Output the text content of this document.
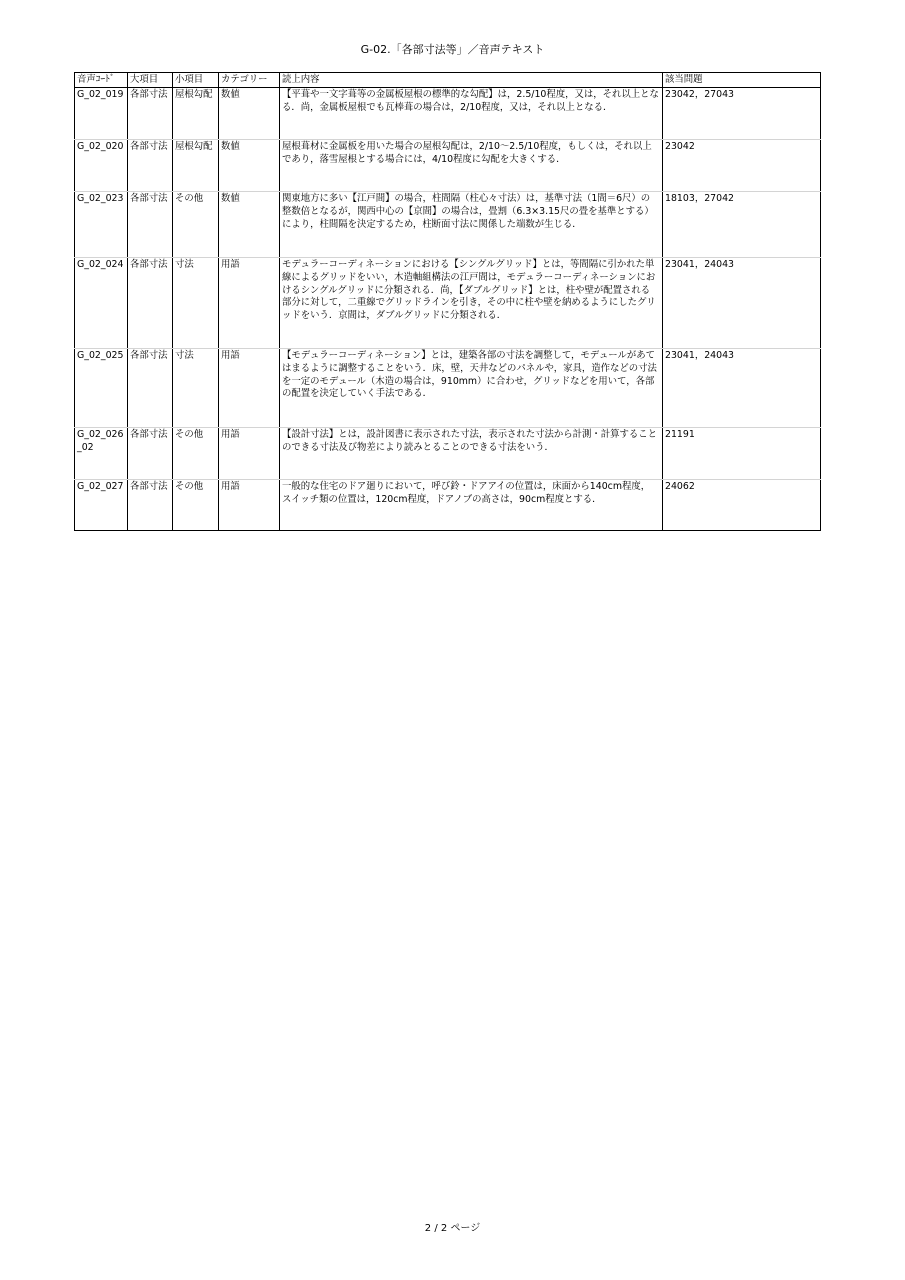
G-02.「各部寸法等」／音声テキスト
音声ｺｰﾄﾞ	大項目	小項目	カテゴリー	読上内容	該当問題
G_02_019	各部寸法	屋根勾配	数値	【平葺や一文字葺等の金属板屋根の標準的な勾配】は，2.5/10程度，又は，それ以上となる．尚，金属板屋根でも瓦棒葺の場合は，2/10程度，又は，それ以上となる．	23042，27043
G_02_020	各部寸法	屋根勾配	数値	屋根葺材に金属板を用いた場合の屋根勾配は，2/10～2.5/10程度，もしくは，それ以上であり，落雪屋根とする場合には，4/10程度に勾配を大きくする．	23042
G_02_023	各部寸法	その他	数値	関東地方に多い【江戸間】の場合，柱間隔（柱心々寸法）は，基準寸法（1間＝6尺）の整数倍となるが，関西中心の【京間】の場合は，畳割（6.3×3.15尺の畳を基準とする）により，柱間隔を決定するため，柱断面寸法に関係した端数が生じる．	18103，27042
G_02_024	各部寸法	寸法	用語	モデュラーコーディネーションにおける【シングルグリッド】とは，等間隔に引かれた単線によるグリッドをいい，木造軸組構法の江戸間は，モデュラーコーディネーションにおけるシングルグリッドに分類される．尚，【ダブルグリッド】とは，柱や壁が配置される部分に対して，二重線でグリッドラインを引き，その中に柱や壁を納めるようにしたグリッドをいう．京間は，ダブルグリッドに分類される．	23041，24043
G_02_025	各部寸法	寸法	用語	【モデュラーコーディネーション】とは，建築各部の寸法を調整して，モデュールがあてはまるように調整することをいう．床，壁，天井などのパネルや，家具，造作などの寸法を一定のモデュール（木造の場合は，910mm）に合わせ，グリッドなどを用いて，各部の配置を決定していく手法である．	23041，24043
G_02_026_02	各部寸法	その他	用語	【設計寸法】とは，設計図書に表示された寸法，表示された寸法から計測・計算することのできる寸法及び物差により読みとることのできる寸法をいう．	21191
G_02_027	各部寸法	その他	用語	一般的な住宅のドア廻りにおいて，呼び鈴・ドアアイの位置は，床面から140cm程度，スイッチ類の位置は，120cm程度，ドアノブの高さは，90cm程度とする．	24062
2 / 2 ページ
